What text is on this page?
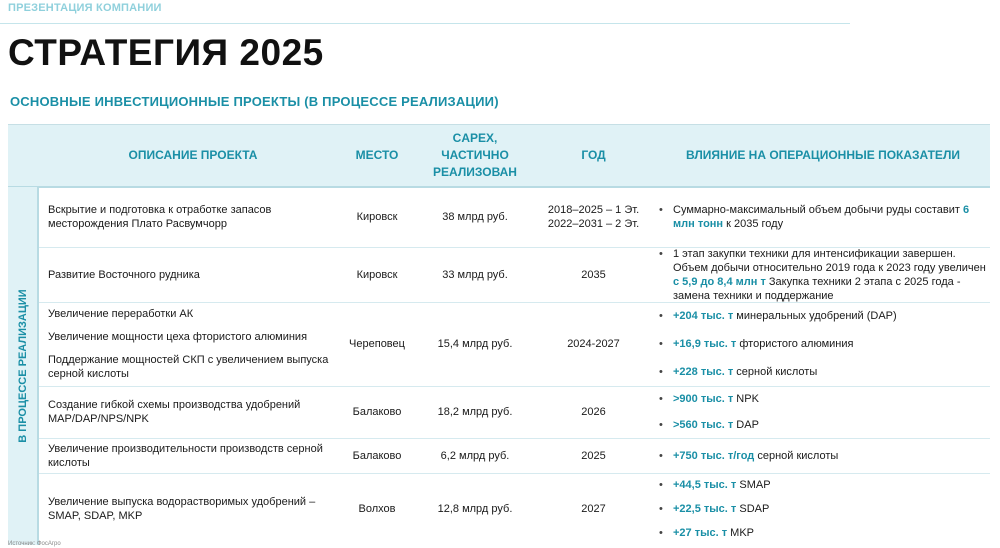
ПРЕЗЕНТАЦИЯ КОМПАНИИ
СТРАТЕГИЯ 2025
ОСНОВНЫЕ ИНВЕСТИЦИОННЫЕ ПРОЕКТЫ (В ПРОЦЕССЕ РЕАЛИЗАЦИИ)
ОПИСАНИЕ ПРОЕКТА	МЕСТО
CAPEX,
ЧАСТИЧНО
РЕАЛИЗОВАН
ГОД	ВЛИЯНИЕ НА ОПЕРАЦИОННЫЕ ПОКАЗАТЕЛИ
В ПРОЦЕССЕ РЕАЛИЗАЦИИ
Вскрытие и подготовка к отработке запасов месторождения Плато Расвумчорр
Кировск	38 млрд руб.
2018–2025 – 1 Эт.
2022–2031 – 2 Эт.
• Суммарно-максимальный объем добычи руды составит 6 млн тонн к 2035 году
Развитие Восточного рудника	Кировск	33 млрд руб.	2035
• 1 этап закупки техники для интенсификации завершен. Объем добычи относительно 2019 года к 2023 году увеличен с 5,9 до 8,4 млн т Закупка техники 2 этапа с 2025 года - замена техники и поддержание
Увеличение переработки АК
Увеличение мощности цеха фтористого алюминия
Поддержание мощностей СКП с увеличением выпуска серной кислоты
Череповец	15,4 млрд руб.	2024-2027
• +204 тыс. т минеральных удобрений (DAP)
• +16,9 тыс. т фтористого алюминия
• +228 тыс. т серной кислоты
Создание гибкой схемы производства удобрений MAP/DAP/NPS/NPK
Балаково	18,2 млрд руб.	2026
• >900 тыс. т NPK
• >560 тыс. т DAP
Увеличение производительности производств серной кислоты
Балаково	6,2 млрд руб.	2025
•	+750 тыс. т/год серной кислоты
Увеличение выпуска водорастворимых удобрений – SMAP, SDAP, MKP
Волхов	12,8 млрд руб.	2027
• +44,5 тыс. т SMAP
• +22,5 тыс. т SDAP
• +27 тыс. т MKP
Источник: ФосАгро
